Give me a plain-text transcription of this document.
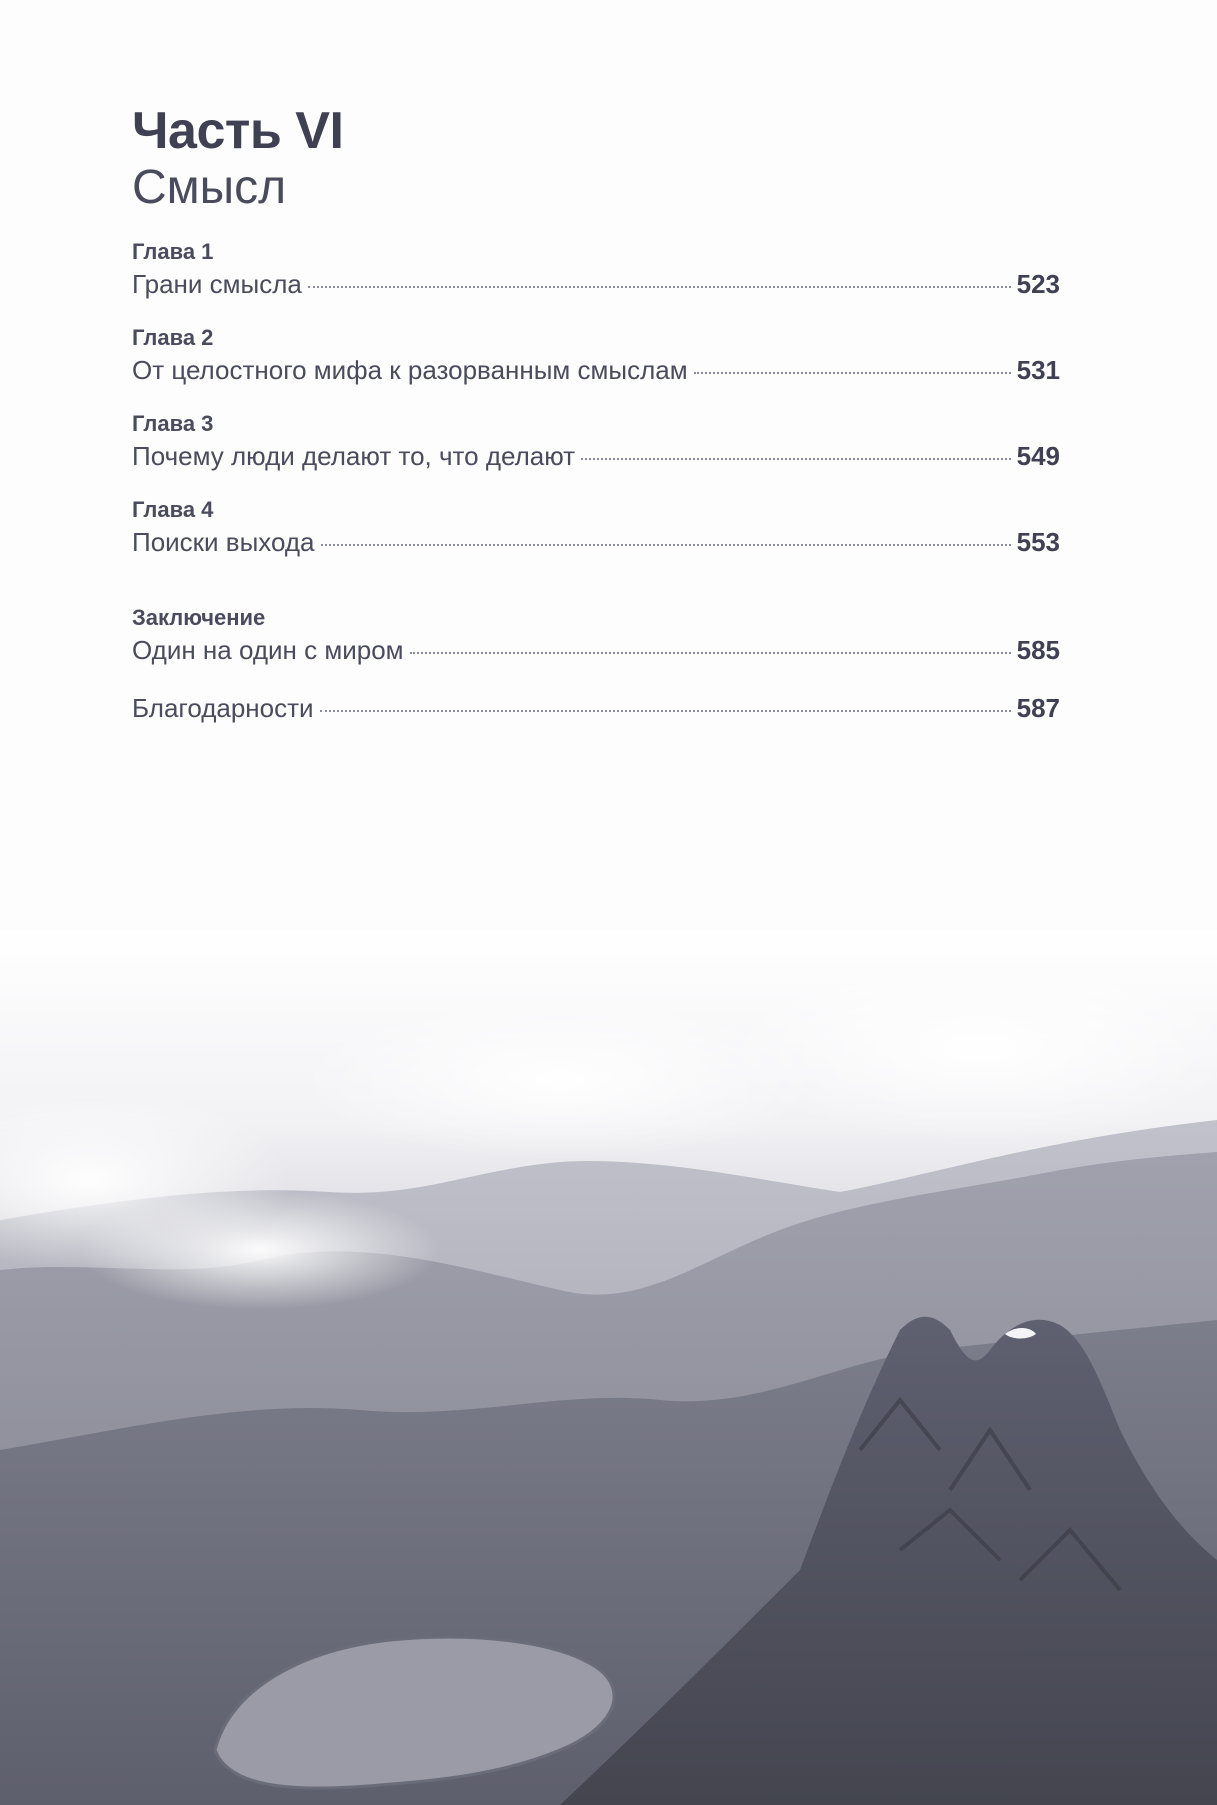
Часть VI
Смысл
Глава 1
Грани смысла	523
Глава 2
От целостного мифа к разорванным смыслам	531
Глава 3
Почему люди делают то, что делают	549
Глава 4
Поиски выхода	553
Заключение
Один на один с миром	585
Благодарности	587
